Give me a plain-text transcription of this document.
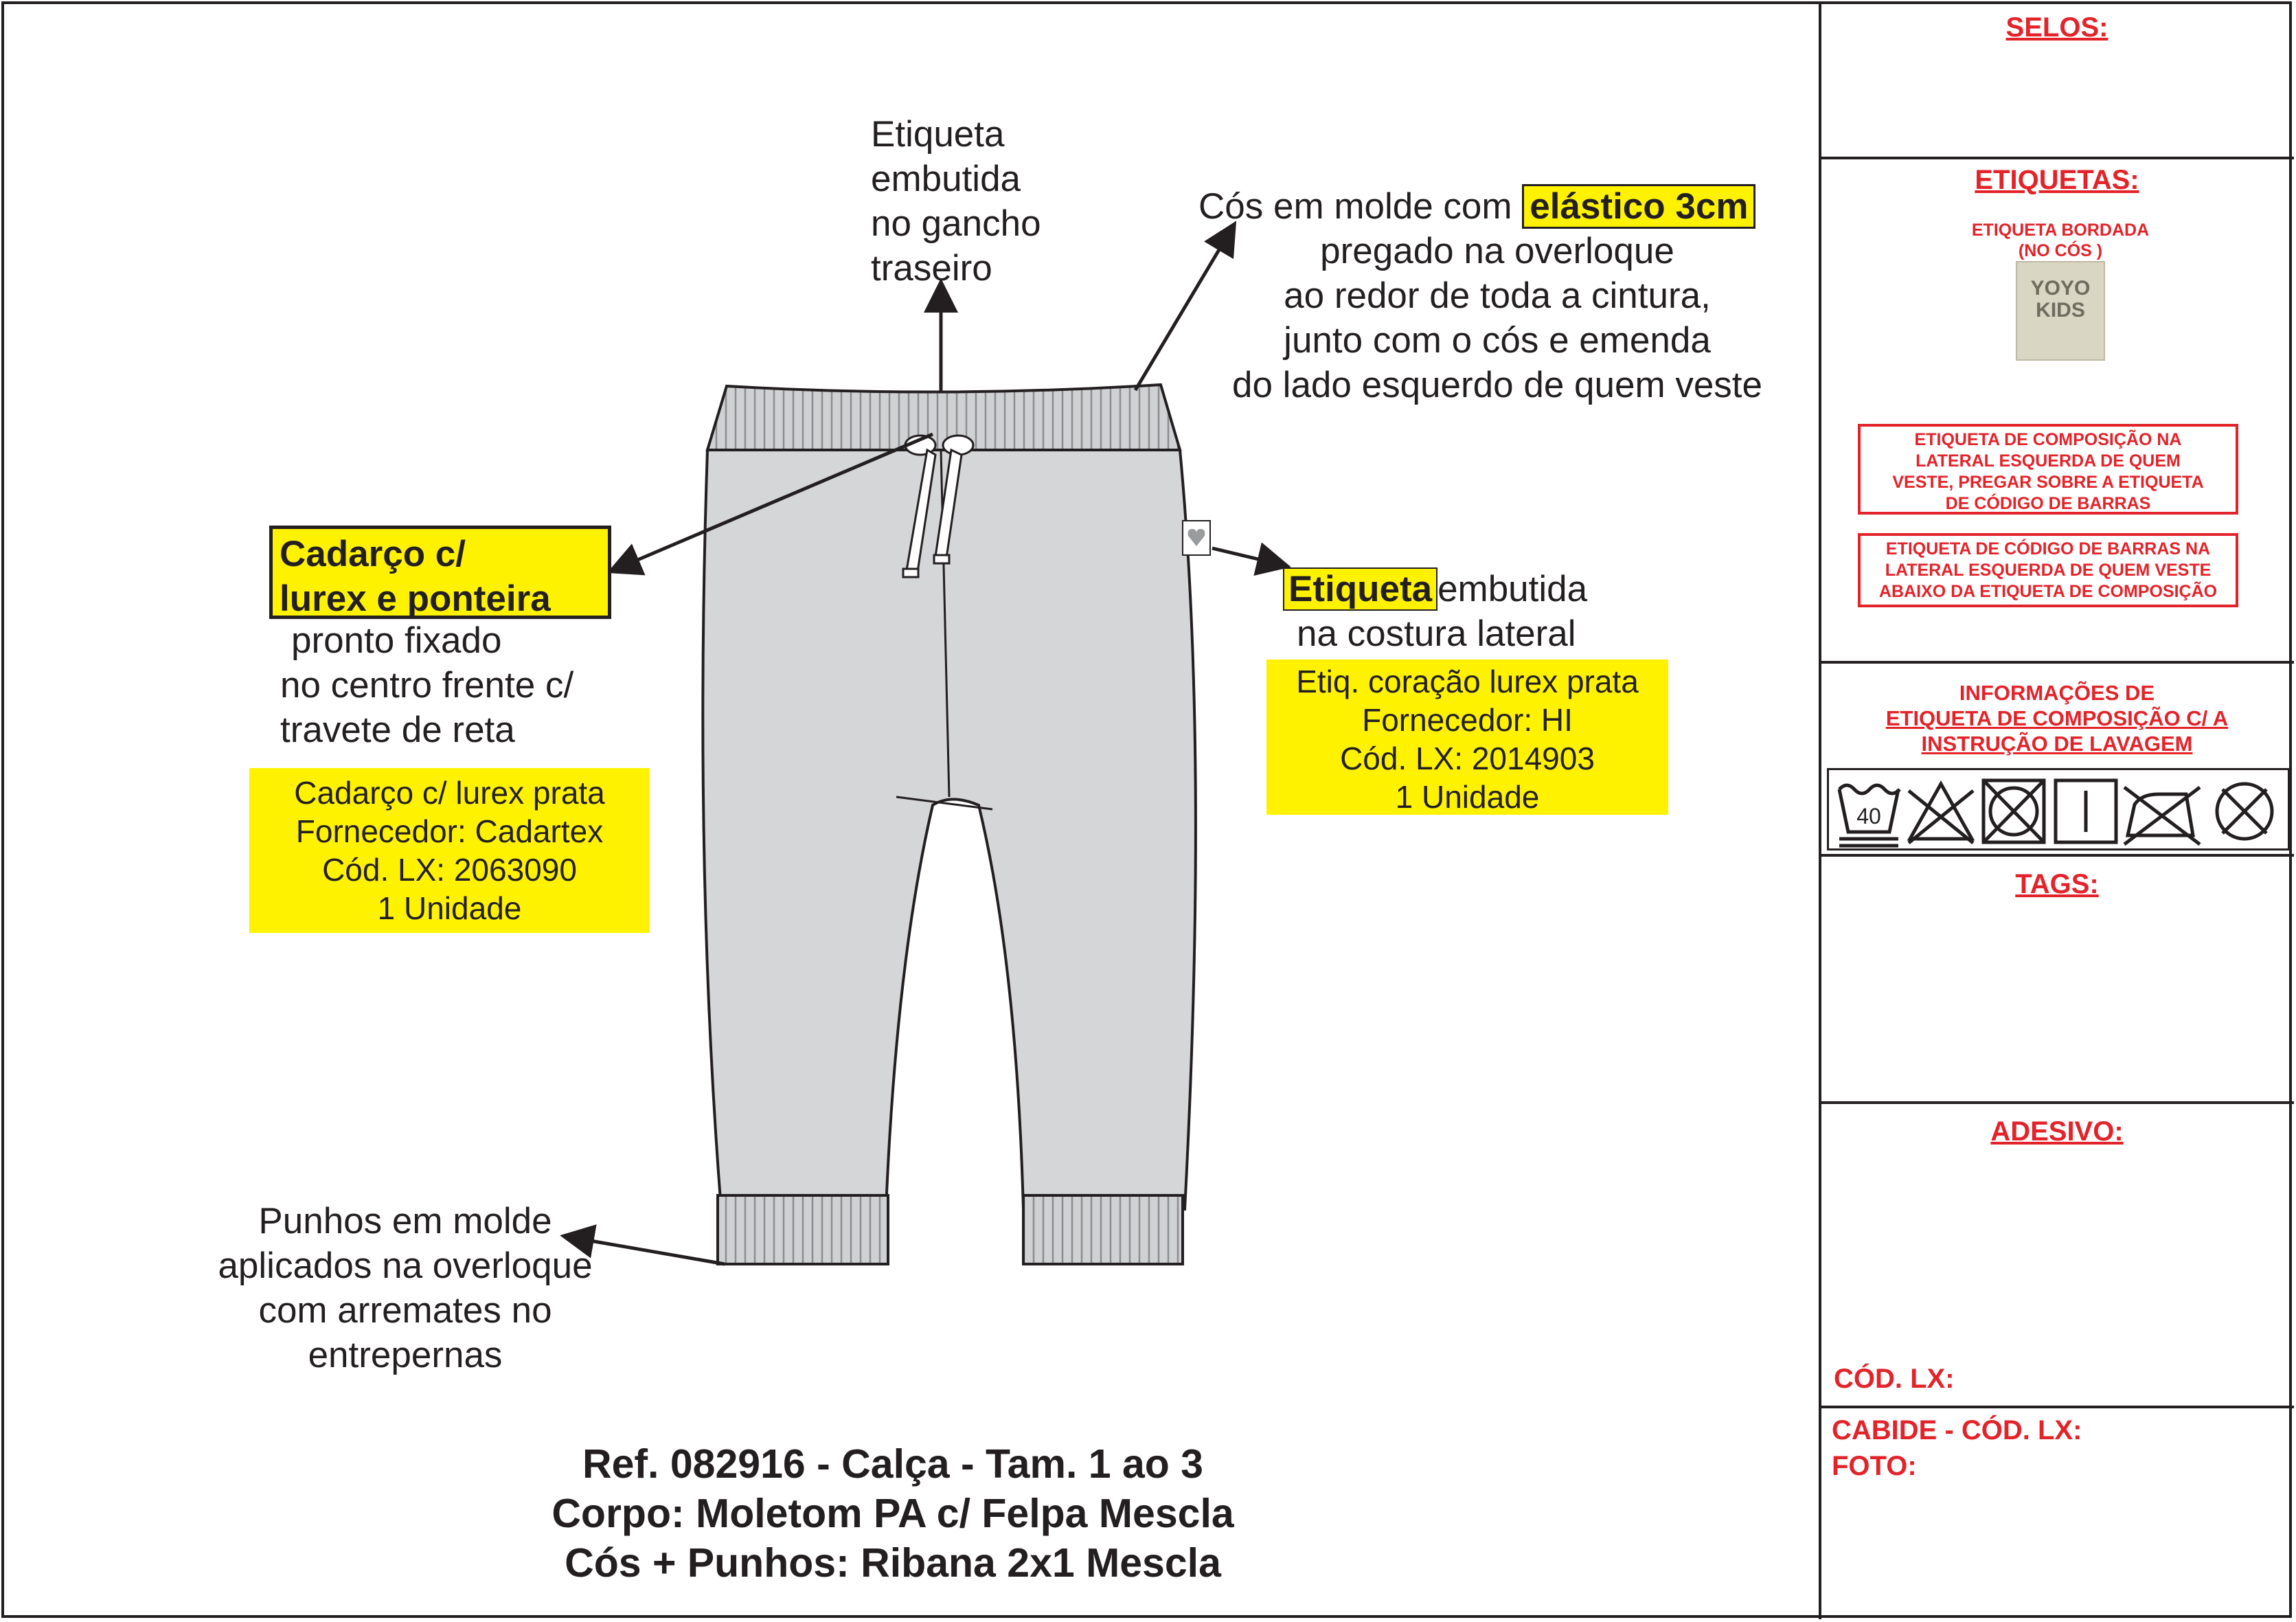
SELOS:
ETIQUETAS:
ETIQUETA BORDADA
(NO CÓS )
YOYO KIDS
ETIQUETA DE COMPOSIÇÃO NA
LATERAL ESQUERDA DE QUEM
VESTE, PREGAR SOBRE A ETIQUETA
DE CÓDIGO DE BARRAS
ETIQUETA DE CÓDIGO DE BARRAS NA
LATERAL ESQUERDA DE QUEM VESTE
ABAIXO DA ETIQUETA DE COMPOSIÇÃO
INFORMAÇÕES DE
ETIQUETA DE COMPOSIÇÃO C/ A
INSTRUÇÃO DE LAVAGEM
40
TAGS:
ADESIVO:
CÓD. LX:
CABIDE - CÓD. LX:
FOTO:
Etiqueta
embutida
no gancho
traseiro
Cós em molde com elástico 3cm
pregado na overloque
ao redor de toda a cintura,
junto com o cós e emenda
do lado esquerdo de quem veste
Cadarço c/
lurex e ponteira
pronto fixado
no centro frente c/
travete de reta
Cadarço c/ lurex prata
Fornecedor: Cadartex
Cód. LX: 2063090
1 Unidade
Etiqueta embutida
na costura lateral
Etiq. coração lurex prata
Fornecedor: HI
Cód. LX: 2014903
1 Unidade
Punhos em molde
aplicados na overloque
com arremates no
entrepernas
Ref. 082916 - Calça - Tam. 1 ao 3
Corpo: Moletom PA c/ Felpa Mescla
Cós + Punhos: Ribana 2x1 Mescla
